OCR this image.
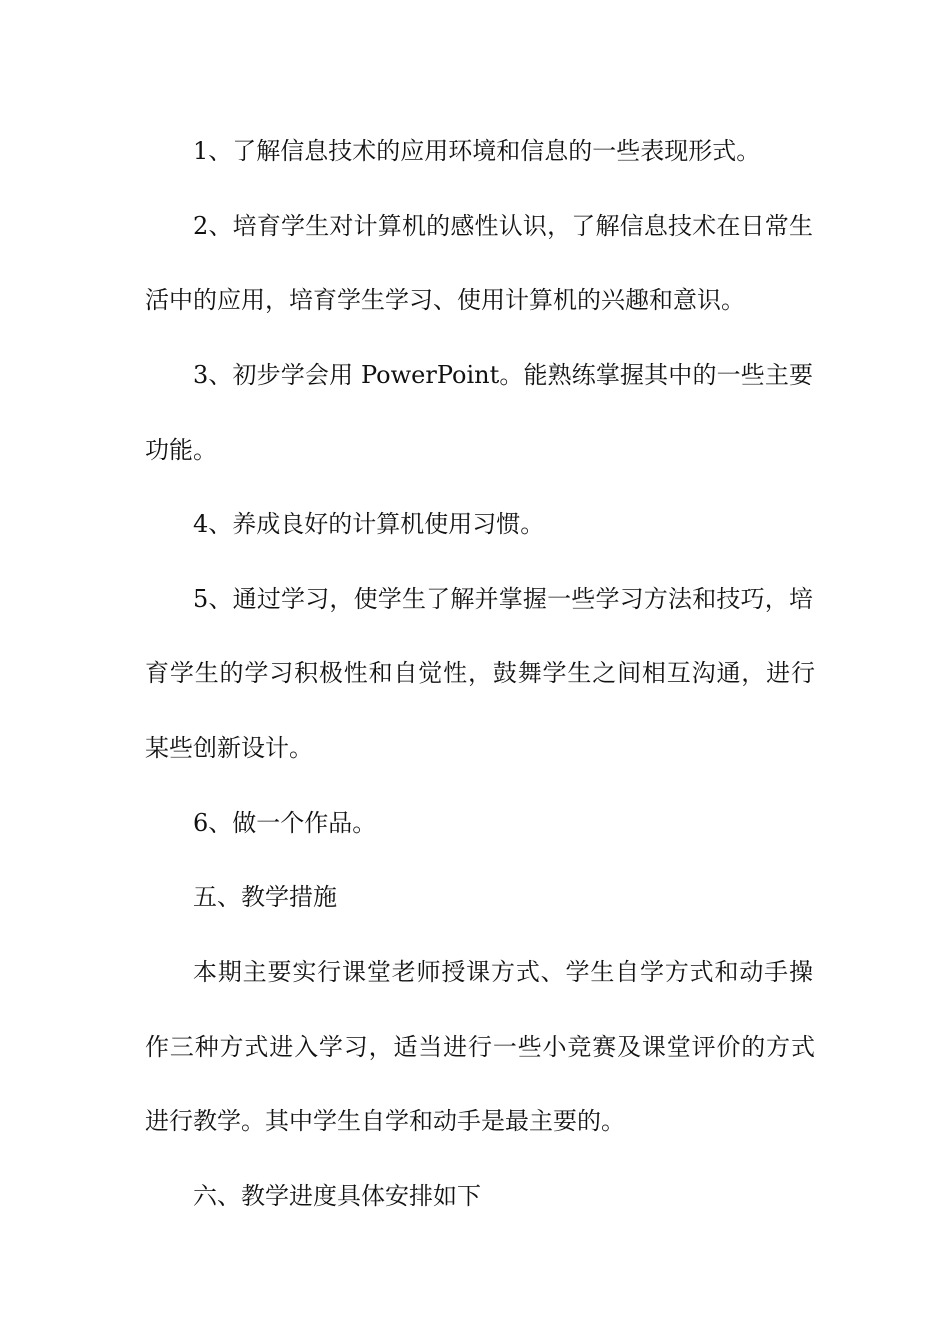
1、了解信息技术的应用环境和信息的一些表现形式。
2、培育学生对计算机的感性认识，了解信息技术在日常生
活中的应用，培育学生学习、使用计算机的兴趣和意识。
3、初步学会用 PowerPoint。能熟练掌握其中的一些主要
功能。
4、养成良好的计算机使用习惯。
5、通过学习，使学生了解并掌握一些学习方法和技巧，培
育学生的学习积极性和自觉性，鼓舞学生之间相互沟通，进行
某些创新设计。
6、做一个作品。
五、教学措施
本期主要实行课堂老师授课方式、学生自学方式和动手操
作三种方式进入学习，适当进行一些小竞赛及课堂评价的方式
进行教学。其中学生自学和动手是最主要的。
六、教学进度具体安排如下
